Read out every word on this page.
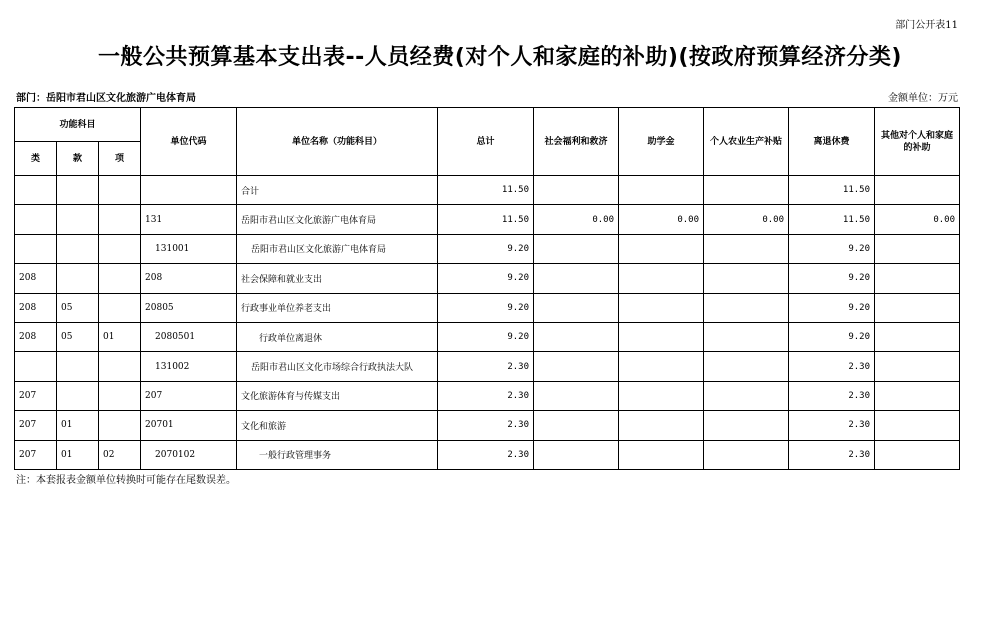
部门公开表11
一般公共预算基本支出表--人员经费(对个人和家庭的补助)(按政府预算经济分类)
部门：岳阳市君山区文化旅游广电体育局	金额单位：万元
功能科目			单位代码	单位名称（功能科目）	总计	社会福利和救济	助学金	个人农业生产补贴	离退休费	其他对个人和家庭的补助
类	款	项								
				合计	11.50				11.50	
			131	岳阳市君山区文化旅游广电体育局	11.50	0.00	0.00	0.00	11.50	0.00
			131001	岳阳市君山区文化旅游广电体育局	9.20				9.20	
208			208	社会保障和就业支出	9.20				9.20	
208	05		20805	行政事业单位养老支出	9.20				9.20	
208	05	01	2080501	行政单位离退休	9.20				9.20	
			131002	岳阳市君山区文化市场综合行政执法大队	2.30				2.30	
207			207	文化旅游体育与传媒支出	2.30				2.30	
207	01		20701	文化和旅游	2.30				2.30	
207	01	02	2070102	一般行政管理事务	2.30				2.30	
注：本套报表金额单位转换时可能存在尾数误差。
